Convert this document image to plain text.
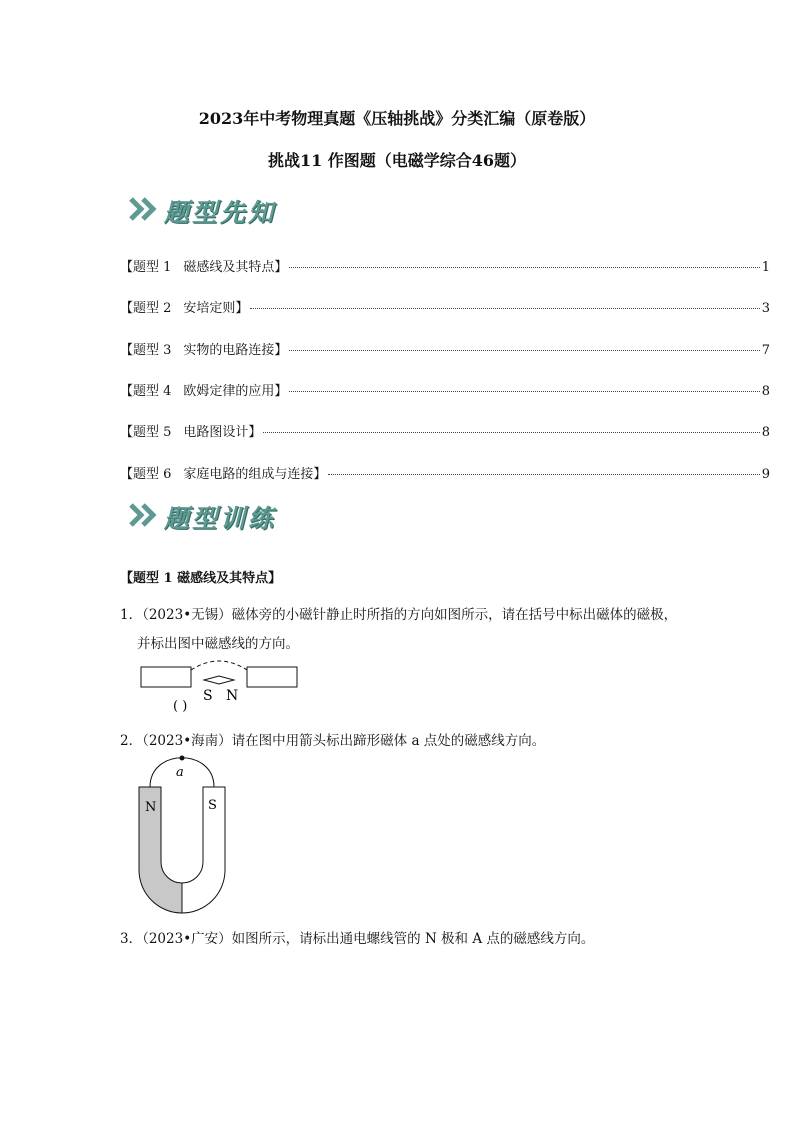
2023年中考物理真题《压轴挑战》分类汇编（原卷版）
挑战11 作图题（电磁学综合46题）
题型先知
【题型 1 磁感线及其特点】	1
【题型 2 安培定则】	3
【题型 3 实物的电路连接】	7
【题型 4 欧姆定律的应用】	8
【题型 5 电路图设计】	8
【题型 6 家庭电路的组成与连接】	9
题型训练
【题型 1 磁感线及其特点】
1．（2023•无锡）磁体旁的小磁针静止时所指的方向如图所示，请在括号中标出磁体的磁极，
并标出图中磁感线的方向。
S N
( )
2．（2023•海南）请在图中用箭头标出蹄形磁体 a 点处的磁感线方向。
a
N	S
3．（2023•广安）如图所示，请标出通电螺线管的 N 极和 A 点的磁感线方向。
